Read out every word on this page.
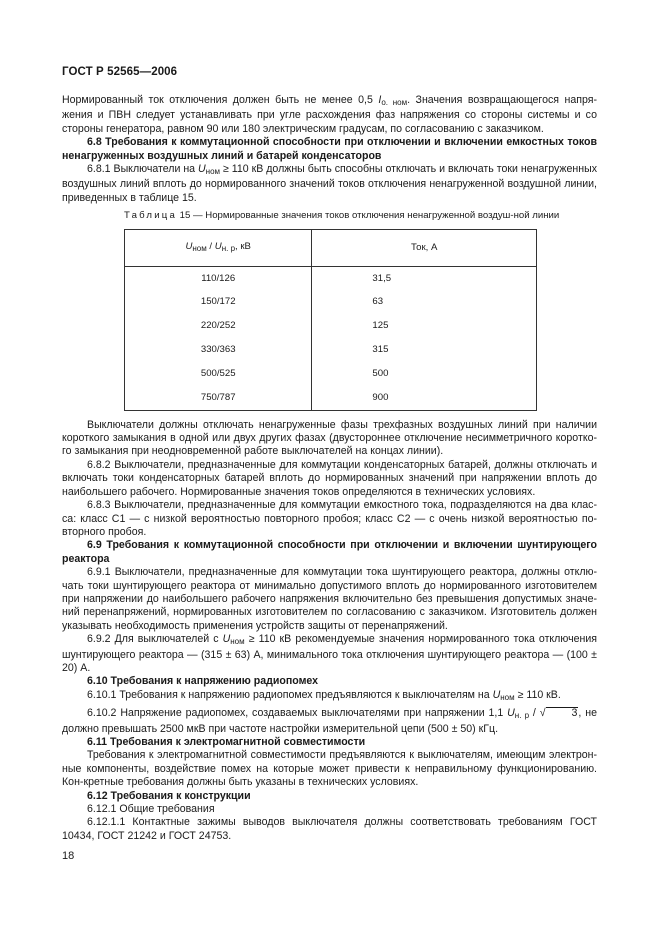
ГОСТ Р 52565—2006

Нормированный ток отключения должен быть не менее 0,5 Iо. ном. Значения возвращающегося напря-жения и ПВН следует устанавливать при угле расхождения фаз напряжения со стороны системы и со стороны генератора, равном 90 или 180 электрическим градусам, по согласованию с заказчиком.

6.8 Требования к коммутационной способности при отключении и включении емкостных токов ненагруженных воздушных линий и батарей конденсаторов

6.8.1 Выключатели на Uном ≥ 110 кВ должны быть способны отключать и включать токи ненагруженных воздушных линий вплоть до нормированного значений токов отключения ненагруженной воздушной линии, приведенных в таблице 15.

Таблица 15 — Нормированные значения токов отключения ненагруженной воздуш-ной линии
$U_{ном} / U_{н. р}$, кВ	Ток, А
110/126	31,5
150/172	63
220/252	125
330/363	315
500/525	500
750/787	900

Выключатели должны отключать ненагруженные фазы трехфазных воздушных линий при наличии короткого замыкания в одной или двух других фазах (двустороннее отключение несимметричного коротко-го замыкания при неодновременной работе выключателей на концах линии).

6.8.2 Выключатели, предназначенные для коммутации конденсаторных батарей, должны отключать и включать токи конденсаторных батарей вплоть до нормированных значений при напряжении вплоть до наибольшего рабочего. Нормированные значения токов определяются в технических условиях.

6.8.3 Выключатели, предназначенные для коммутации емкостного тока, подразделяются на два клас-са: класс С1 — с низкой вероятностью повторного пробоя; класс С2 — с очень низкой вероятностью по-вторного пробоя.

6.9 Требования к коммутационной способности при отключении и включении шунтирующего реактора

6.9.1 Выключатели, предназначенные для коммутации тока шунтирующего реактора, должны отклю-чать токи шунтирующего реактора от минимально допустимого вплоть до нормированного изготовителем при напряжении до наибольшего рабочего напряжения включительно без превышения допустимых значе-ний перенапряжений, нормированных изготовителем по согласованию с заказчиком. Изготовитель должен указывать необходимость применения устройств защиты от перенапряжений.

6.9.2 Для выключателей с Uном ≥ 110 кВ рекомендуемые значения нормированного тока отключения шунтирующего реактора — (315 ± 63) А, минимального тока отключения шунтирующего реактора — (100 ± 20) А.

6.10 Требования к напряжению радиопомех

6.10.1 Требования к напряжению радиопомех предъявляются к выключателям на Uном ≥ 110 кВ.

6.10.2 Напряжение радиопомех, создаваемых выключателями при напряжении 1,1 Uн. р / √ 3, не должно превышать 2500 мкВ при частоте настройки измерительной цепи (500 ± 50) кГц.

6.11 Требования к электромагнитной совместимости

Требования к электромагнитной совместимости предъявляются к выключателям, имеющим электрон-ные компоненты, воздействие помех на которые может привести к неправильному функционированию. Кон-кретные требования должны быть указаны в технических условиях.

6.12 Требования к конструкции

6.12.1 Общие требования

6.12.1.1 Контактные зажимы выводов выключателя должны соответствовать требованиям ГОСТ 10434, ГОСТ 21242 и ГОСТ 24753.

18
